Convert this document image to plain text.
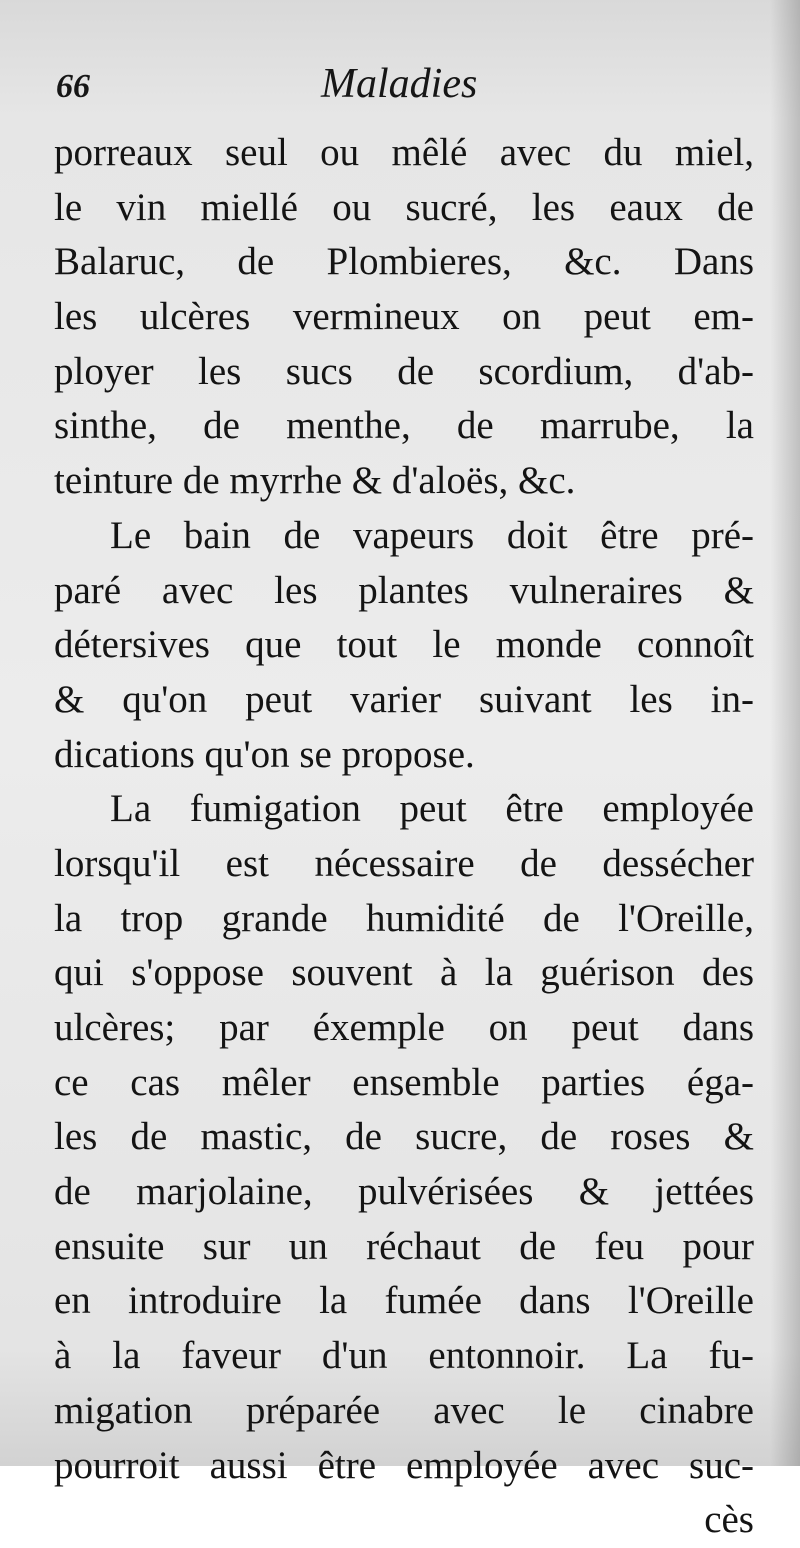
66	Maladies
porreaux seul ou mêlé avec du miel,
le vin miellé ou sucré, les eaux de
Balaruc, de Plombieres, &c. Dans
les ulcères vermineux on peut em-
ployer les sucs de scordium, d'ab-
sinthe, de menthe, de marrube, la
teinture de myrrhe & d'aloës, &c.
Le bain de vapeurs doit être pré-
paré avec les plantes vulneraires &
détersives que tout le monde connoît
& qu'on peut varier suivant les in-
dications qu'on se propose.
La fumigation peut être employée
lorsqu'il est nécessaire de dessécher
la trop grande humidité de l'Oreille,
qui s'oppose souvent à la guérison des
ulcères; par éxemple on peut dans
ce cas mêler ensemble parties éga-
les de mastic, de sucre, de roses &
de marjolaine, pulvérisées & jettées
ensuite sur un réchaut de feu pour
en introduire la fumée dans l'Oreille
à la faveur d'un entonnoir. La fu-
migation préparée avec le cinabre
pourroit aussi être employée avec suc-
cès
